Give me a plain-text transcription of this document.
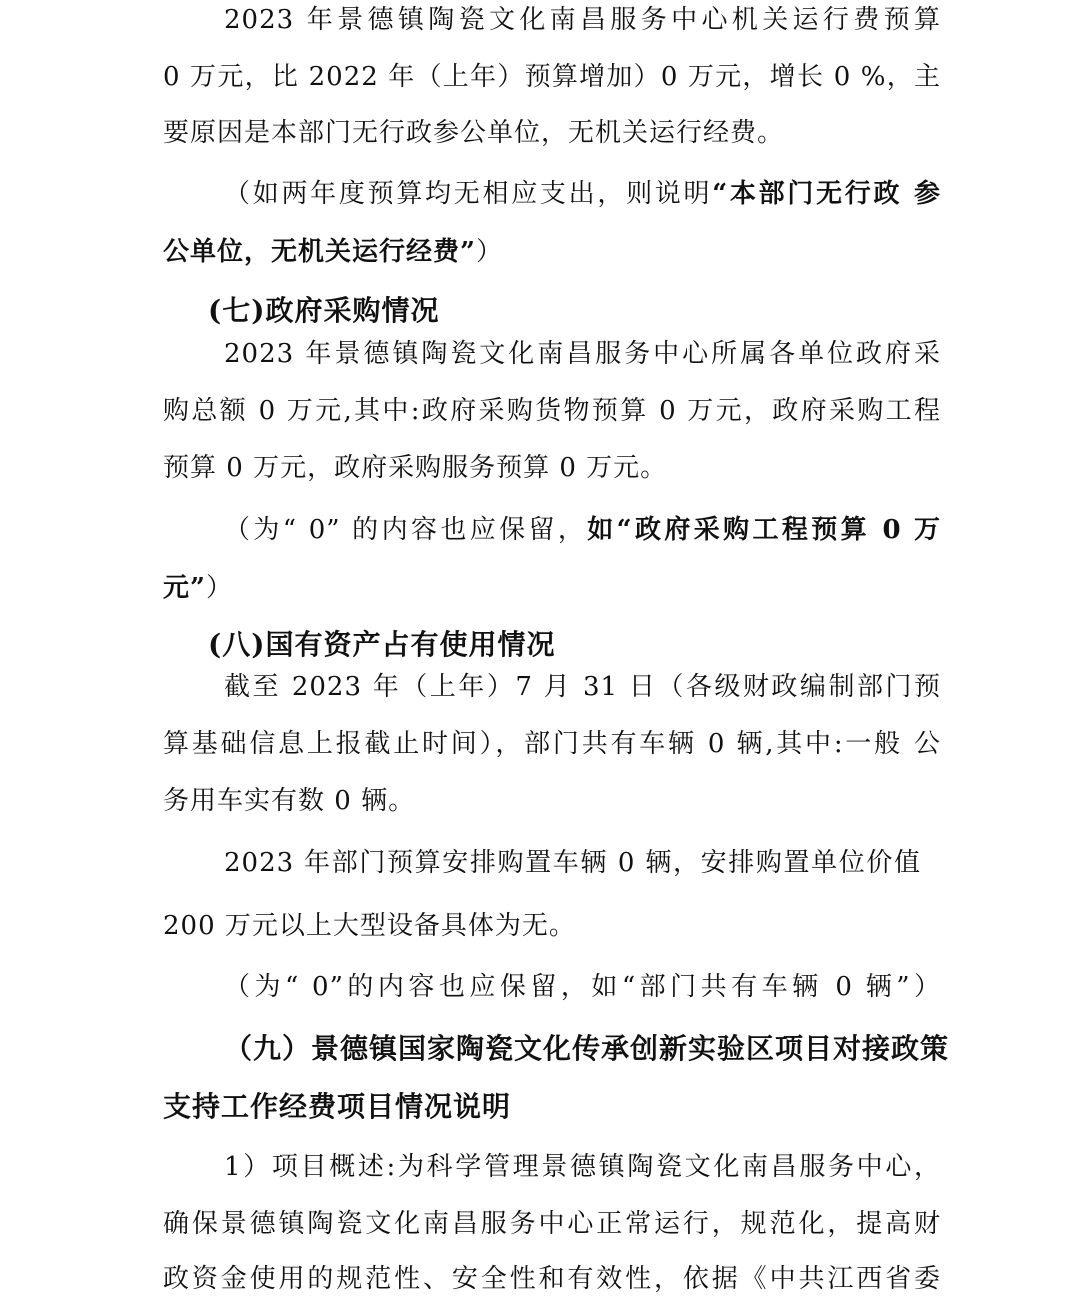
2023 年景德镇陶瓷文化南昌服务中心机关运行费预算
0 万元，比 2022 年（上年）预算增加）0 万元，增长 0 %，主
要原因是本部门无行政参公单位，无机关运行经费。
（如两年度预算均无相应支出，则说明“本部门无行政 参
公单位，无机关运行经费”）
(七)政府采购情况
2023 年景德镇陶瓷文化南昌服务中心所属各单位政府采
购总额 0 万元,其中:政府采购货物预算 0 万元，政府采购工程
预算 0 万元，政府采购服务预算 0 万元。
（为“ 0” 的内容也应保留，如“政府采购工程预算 0 万
元”）
(八)国有资产占有使用情况
截至 2023 年（上年）7 月 31 日（各级财政编制部门预
算基础信息上报截止时间），部门共有车辆 0 辆,其中:一般 公
务用车实有数 0 辆。
2023 年部门预算安排购置车辆 0 辆，安排购置单位价值
200 万元以上大型设备具体为无。
（为“ 0”的内容也应保留，如“部门共有车辆 0 辆”）
（九）景德镇国家陶瓷文化传承创新实验区项目对接政策
支持工作经费项目情况说明
1）项目概述:为科学管理景德镇陶瓷文化南昌服务中心，
确保景德镇陶瓷文化南昌服务中心正常运行，规范化，提高财
政资金使用的规范性、安全性和有效性，依据《中共江西省委
